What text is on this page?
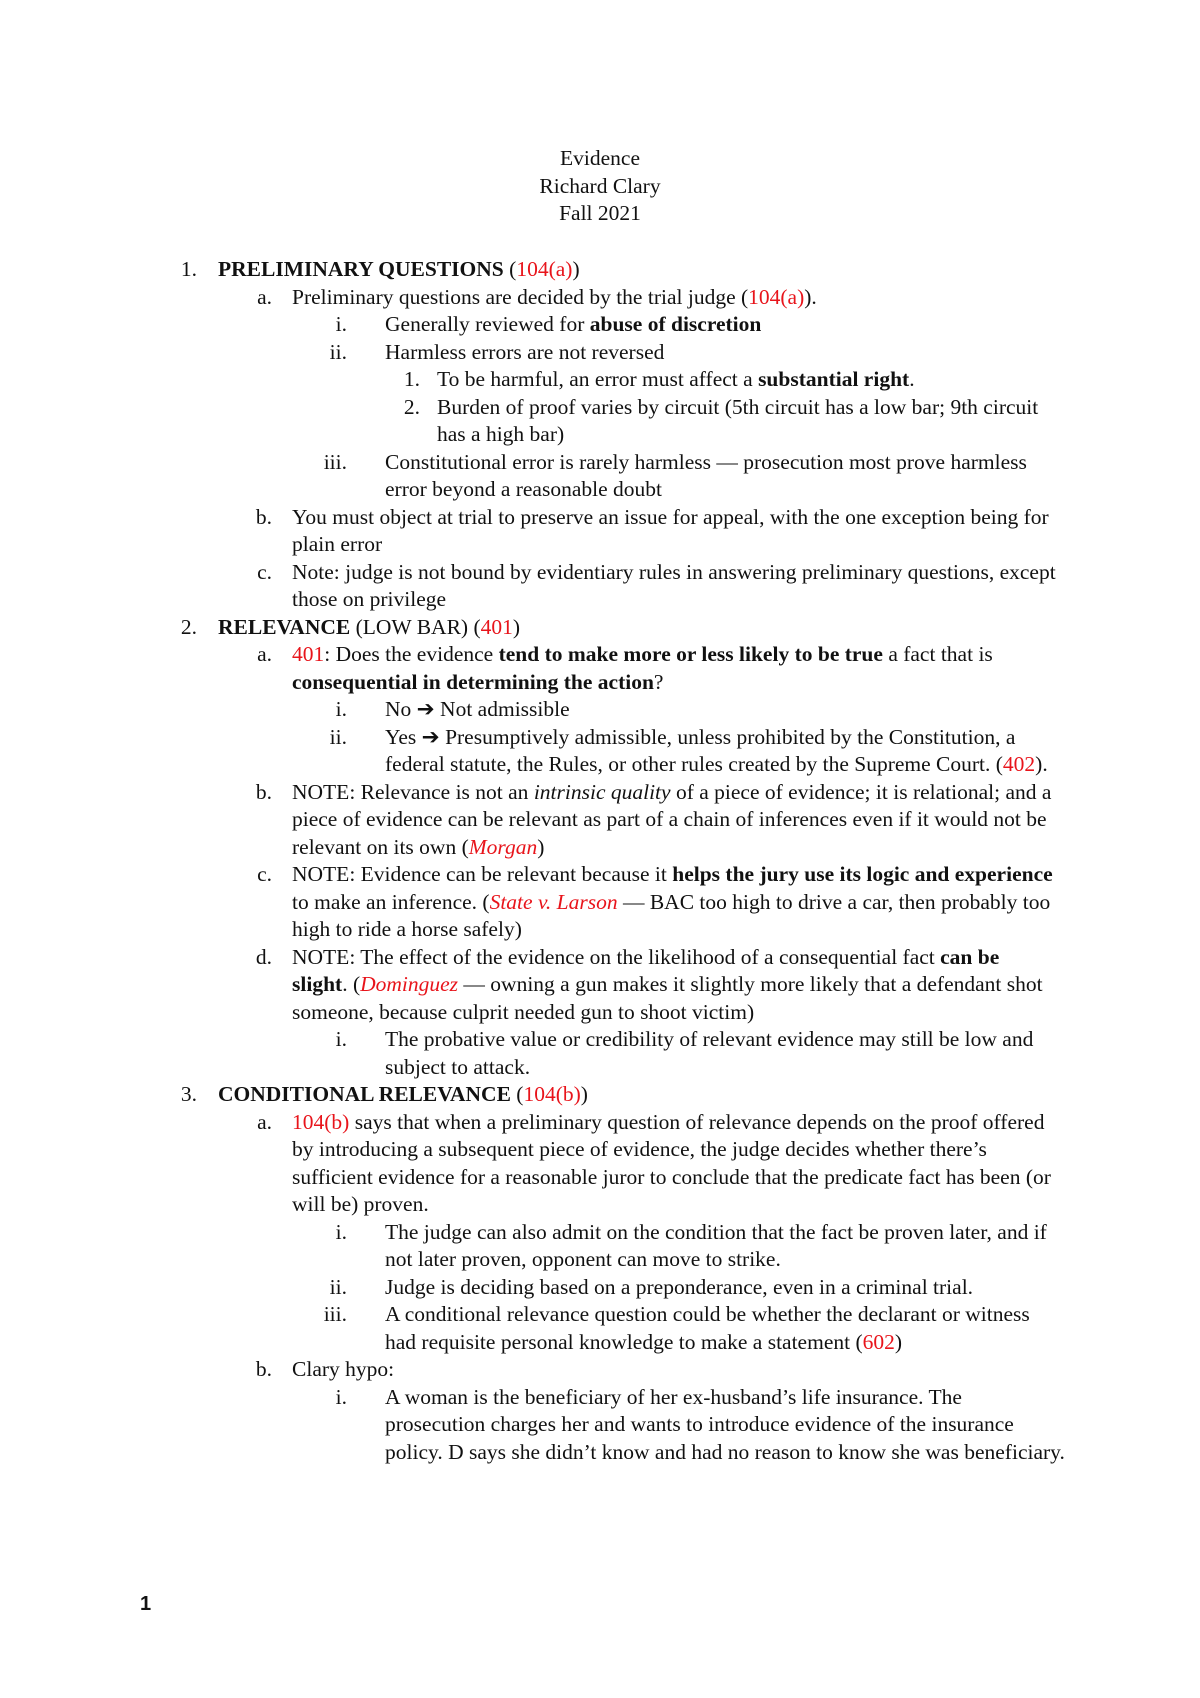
Evidence
Richard Clary
Fall 2021
1. PRELIMINARY QUESTIONS (104(a))
a. Preliminary questions are decided by the trial judge (104(a)).
i. Generally reviewed for abuse of discretion
ii. Harmless errors are not reversed
1. To be harmful, an error must affect a substantial right.
2. Burden of proof varies by circuit (5th circuit has a low bar; 9th circuit has a high bar)
iii. Constitutional error is rarely harmless — prosecution most prove harmless error beyond a reasonable doubt
b. You must object at trial to preserve an issue for appeal, with the one exception being for plain error
c. Note: judge is not bound by evidentiary rules in answering preliminary questions, except those on privilege
2. RELEVANCE (LOW BAR) (401)
a. 401: Does the evidence tend to make more or less likely to be true a fact that is consequential in determining the action?
i. No ➔ Not admissible
ii. Yes ➔ Presumptively admissible, unless prohibited by the Constitution, a federal statute, the Rules, or other rules created by the Supreme Court. (402).
b. NOTE: Relevance is not an intrinsic quality of a piece of evidence; it is relational; and a piece of evidence can be relevant as part of a chain of inferences even if it would not be relevant on its own (Morgan)
c. NOTE: Evidence can be relevant because it helps the jury use its logic and experience to make an inference. (State v. Larson — BAC too high to drive a car, then probably too high to ride a horse safely)
d. NOTE: The effect of the evidence on the likelihood of a consequential fact can be slight. (Dominguez — owning a gun makes it slightly more likely that a defendant shot someone, because culprit needed gun to shoot victim)
i. The probative value or credibility of relevant evidence may still be low and subject to attack.
3. CONDITIONAL RELEVANCE (104(b))
a. 104(b) says that when a preliminary question of relevance depends on the proof offered by introducing a subsequent piece of evidence, the judge decides whether there’s sufficient evidence for a reasonable juror to conclude that the predicate fact has been (or will be) proven.
i. The judge can also admit on the condition that the fact be proven later, and if not later proven, opponent can move to strike.
ii. Judge is deciding based on a preponderance, even in a criminal trial.
iii. A conditional relevance question could be whether the declarant or witness had requisite personal knowledge to make a statement (602)
b. Clary hypo:
i. A woman is the beneficiary of her ex-husband’s life insurance. The prosecution charges her and wants to introduce evidence of the insurance policy. D says she didn’t know and had no reason to know she was beneficiary.
1
